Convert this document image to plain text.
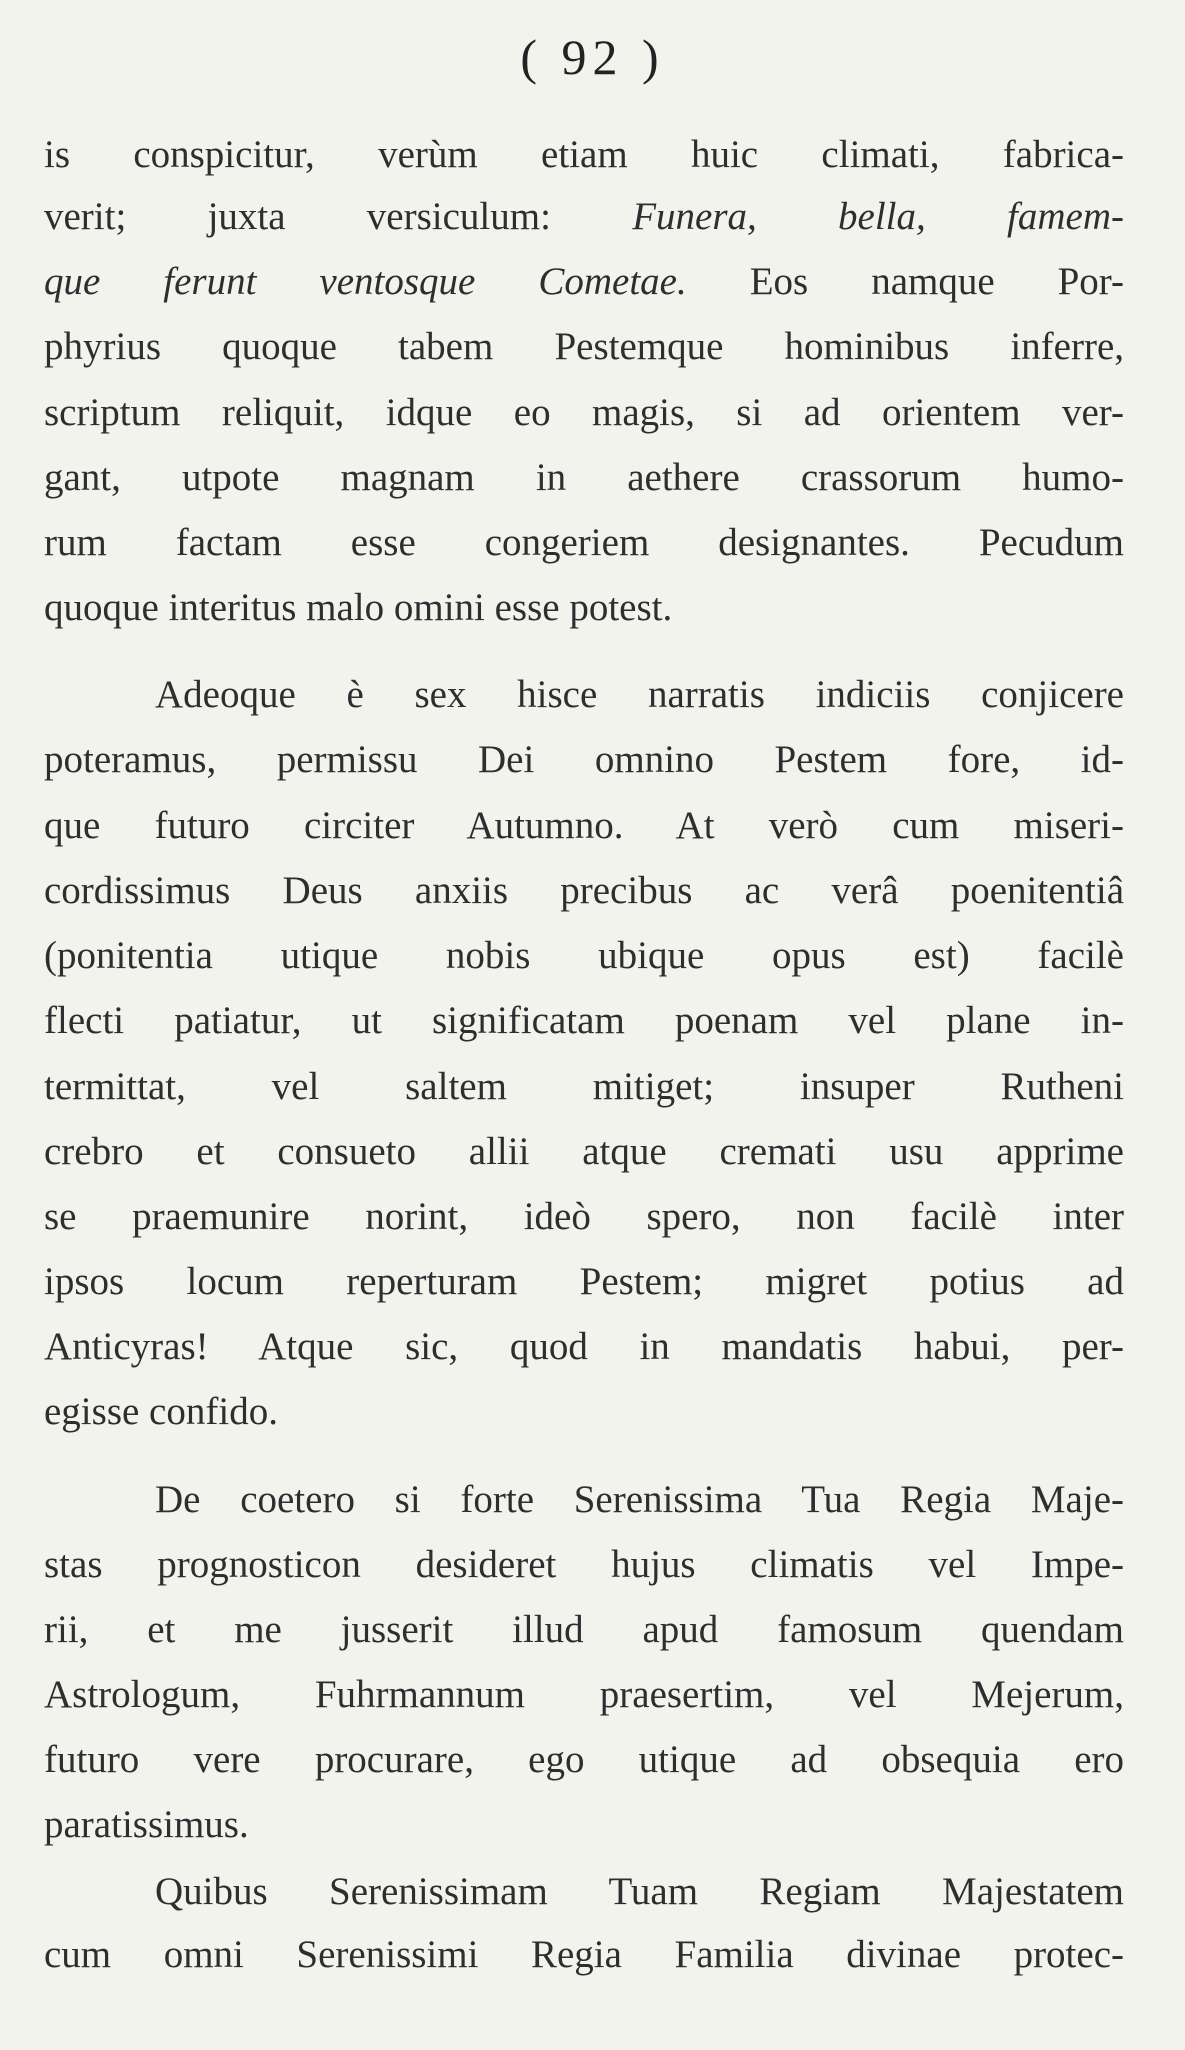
( 92 )
is conspicitur, verùm etiam huic climati, fabrica-
verit; juxta versiculum: Funera, bella, famem-
que ferunt ventosque Cometae. Eos namque Por-
phyrius quoque tabem Pestemque hominibus inferre,
scriptum reliquit, idque eo magis, si ad orientem ver-
gant, utpote magnam in aethere crassorum humo-
rum factam esse congeriem designantes. Pecudum
quoque interitus malo omini esse potest.
Adeoque è sex hisce narratis indiciis conjicere
poteramus, permissu Dei omnino Pestem fore, id-
que futuro circiter Autumno. At verò cum miseri-
cordissimus Deus anxiis precibus ac verâ poenitentiâ
(ponitentia utique nobis ubique opus est) facilè
flecti patiatur, ut significatam poenam vel plane in-
termittat, vel saltem mitiget; insuper Rutheni
crebro et consueto allii atque cremati usu apprime
se praemunire norint, ideò spero, non facilè inter
ipsos locum reperturam Pestem; migret potius ad
Anticyras! Atque sic, quod in mandatis habui, per-
egisse confido.
De coetero si forte Serenissima Tua Regia Maje-
stas prognosticon desideret hujus climatis vel Impe-
rii, et me jusserit illud apud famosum quendam
Astrologum, Fuhrmannum praesertim, vel Mejerum,
futuro vere procurare, ego utique ad obsequia ero
paratissimus.
Quibus Serenissimam Tuam Regiam Majestatem
cum omni Serenissimi Regia Familia divinae protec-
